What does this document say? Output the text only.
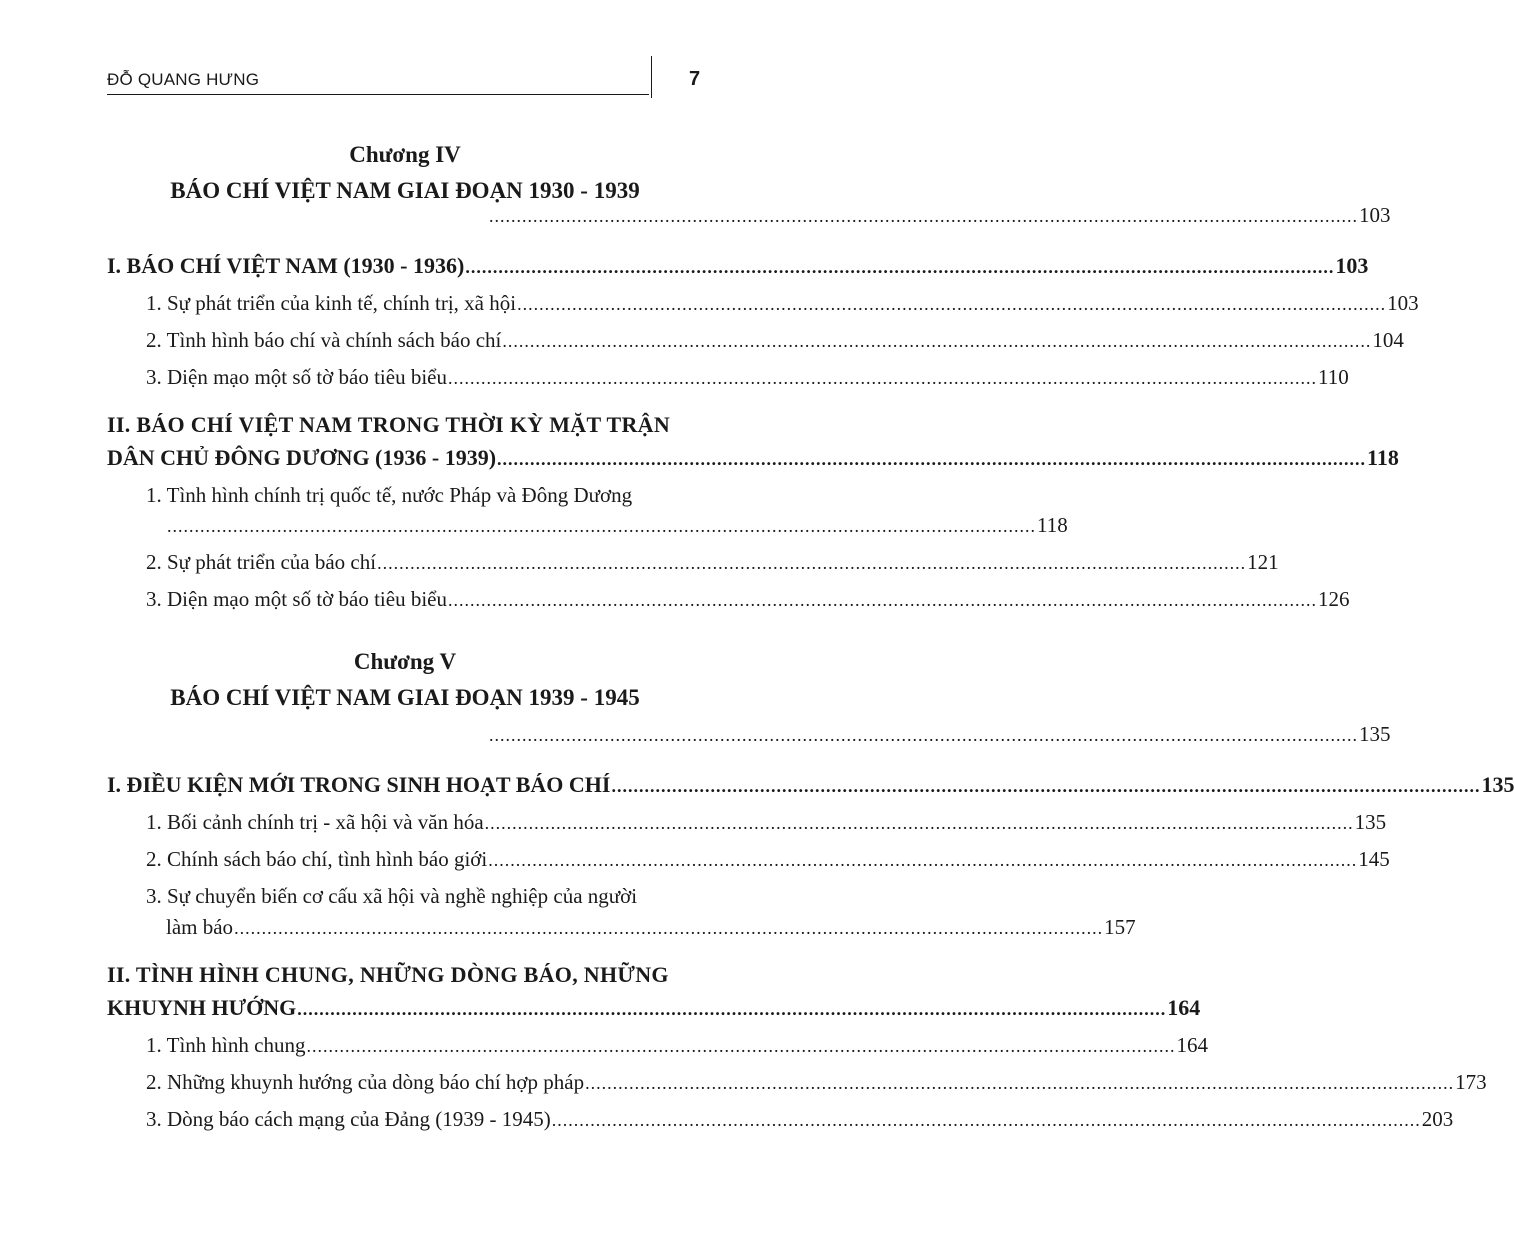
ĐỖ QUANG HƯNG	7
Chương IV
BÁO CHÍ VIỆT NAM GIAI ĐOẠN 1930 - 1939
.............................................................................................................................................................. 103
I. BÁO CHÍ VIỆT NAM (1930 - 1936) .............................................................................................................................................................. 103
1. Sự phát triển của kinh tế, chính trị, xã hội .............................................................................................................................................................. 103
2. Tình hình báo chí và chính sách báo chí .............................................................................................................................................................. 104
3. Diện mạo một số tờ báo tiêu biểu .............................................................................................................................................................. 110
II. BÁO CHÍ VIỆT NAM TRONG THỜI KỲ MẶT TRẬN
DÂN CHỦ ĐÔNG DƯƠNG (1936 - 1939) .............................................................................................................................................................. 118
1. Tình hình chính trị quốc tế, nước Pháp và Đông Dương
.............................................................................................................................................................. 118
2. Sự phát triển của báo chí .............................................................................................................................................................. 121
3. Diện mạo một số tờ báo tiêu biểu .............................................................................................................................................................. 126
Chương V
BÁO CHÍ VIỆT NAM GIAI ĐOẠN 1939 - 1945
.............................................................................................................................................................. 135
I. ĐIỀU KIỆN MỚI TRONG SINH HOẠT BÁO CHÍ .............................................................................................................................................................. 135
1. Bối cảnh chính trị - xã hội và văn hóa .............................................................................................................................................................. 135
2. Chính sách báo chí, tình hình báo giới .............................................................................................................................................................. 145
3. Sự chuyển biến cơ cấu xã hội và nghề nghiệp của người
làm báo .............................................................................................................................................................. 157
II. TÌNH HÌNH CHUNG, NHỮNG DÒNG BÁO, NHỮNG
KHUYNH HƯỚNG .............................................................................................................................................................. 164
1. Tình hình chung .............................................................................................................................................................. 164
2. Những khuynh hướng của dòng báo chí hợp pháp .............................................................................................................................................................. 173
3. Dòng báo cách mạng của Đảng (1939 - 1945) .............................................................................................................................................................. 203
